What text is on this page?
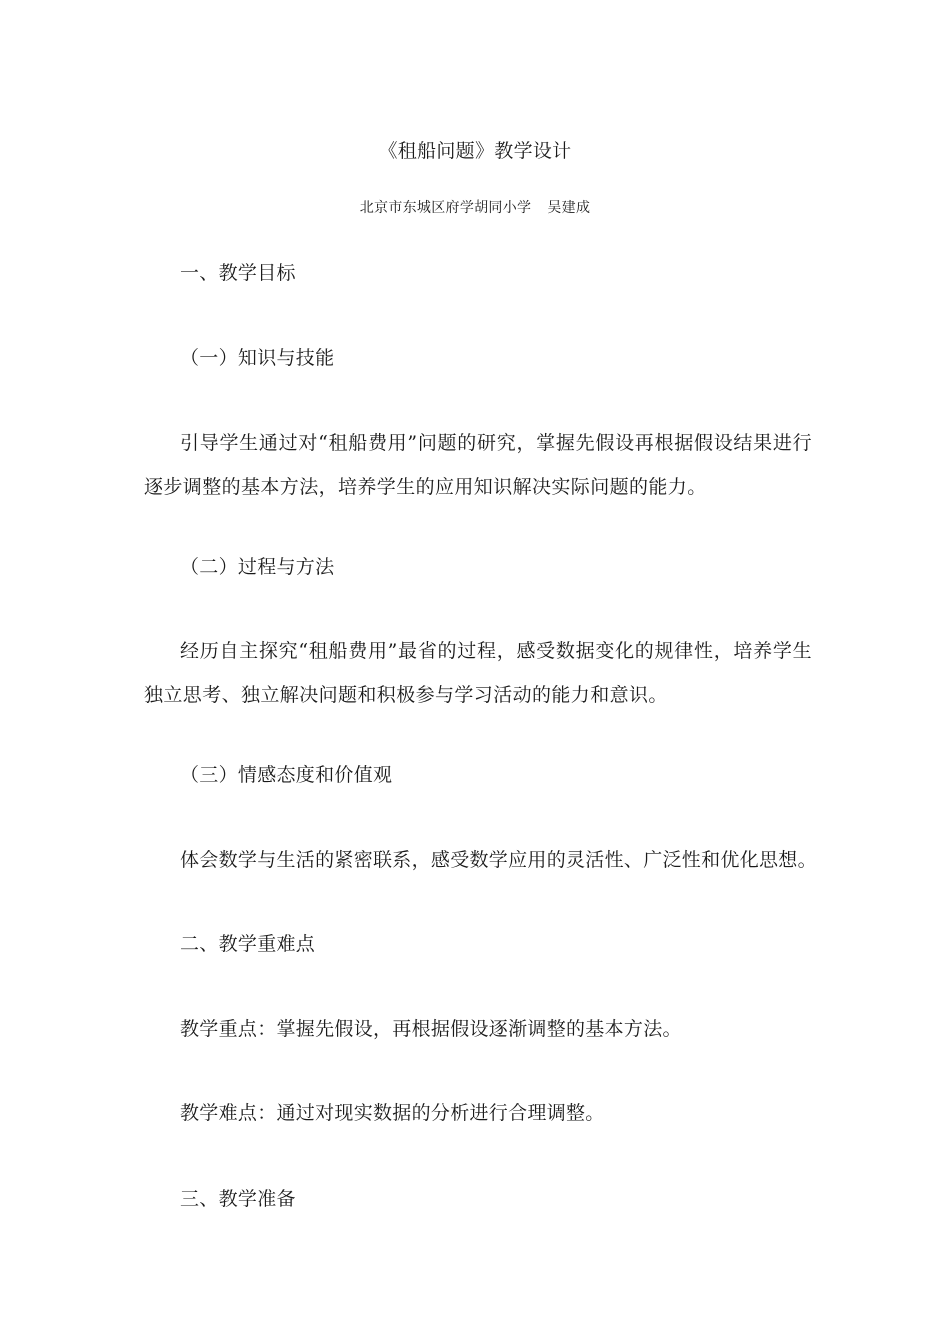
《租船问题》教学设计
北京市东城区府学胡同小学 吴建成
一、教学目标
（一）知识与技能
引导学生通过对“租船费用”问题的研究，掌握先假设再根据假设结果进行逐步调整的基本方法，培养学生的应用知识解决实际问题的能力。
（二）过程与方法
经历自主探究“租船费用”最省的过程，感受数据变化的规律性，培养学生独立思考、独立解决问题和积极参与学习活动的能力和意识。
（三）情感态度和价值观
体会数学与生活的紧密联系，感受数学应用的灵活性、广泛性和优化思想。
二、教学重难点
教学重点：掌握先假设，再根据假设逐渐调整的基本方法。
教学难点：通过对现实数据的分析进行合理调整。
三、教学准备
